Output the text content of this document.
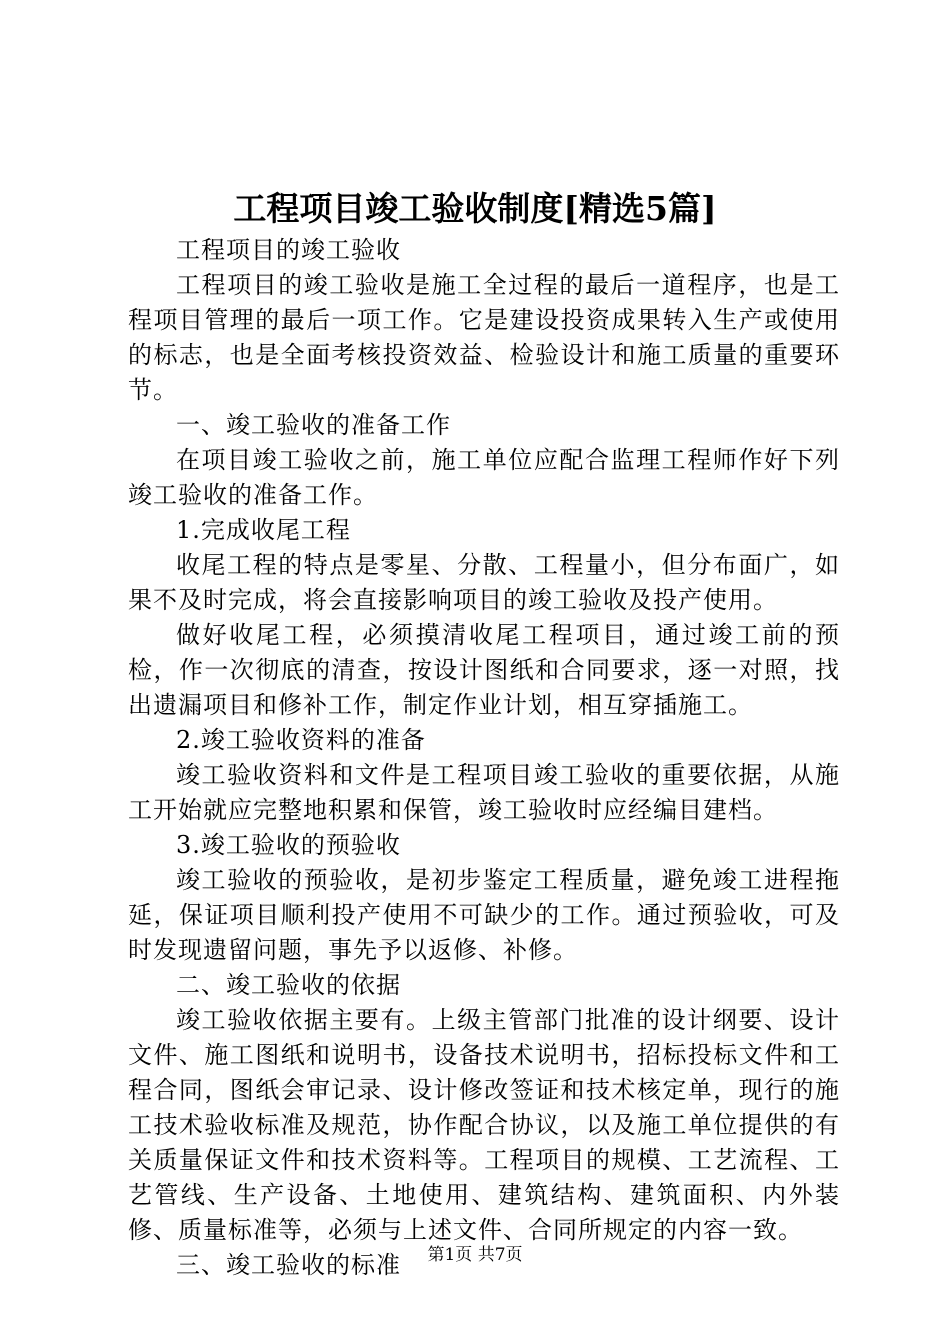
工程项目竣工验收制度[精选5篇]

工程项目的竣工验收

工程项目的竣工验收是施工全过程的最后一道程序，也是工程项目管理的最后一项工作。它是建设投资成果转入生产或使用的标志，也是全面考核投资效益、检验设计和施工质量的重要环节。

一、竣工验收的准备工作

在项目竣工验收之前，施工单位应配合监理工程师作好下列竣工验收的准备工作。

1.完成收尾工程

收尾工程的特点是零星、分散、工程量小，但分布面广，如果不及时完成，将会直接影响项目的竣工验收及投产使用。

做好收尾工程，必须摸清收尾工程项目，通过竣工前的预检，作一次彻底的清查，按设计图纸和合同要求，逐一对照，找出遗漏项目和修补工作，制定作业计划，相互穿插施工。

2.竣工验收资料的准备

竣工验收资料和文件是工程项目竣工验收的重要依据，从施工开始就应完整地积累和保管，竣工验收时应经编目建档。

3.竣工验收的预验收

竣工验收的预验收，是初步鉴定工程质量，避免竣工进程拖延，保证项目顺利投产使用不可缺少的工作。通过预验收，可及时发现遗留问题，事先予以返修、补修。

二、竣工验收的依据

竣工验收依据主要有。上级主管部门批准的设计纲要、设计文件、施工图纸和说明书，设备技术说明书，招标投标文件和工程合同，图纸会审记录、设计修改签证和技术核定单，现行的施工技术验收标准及规范，协作配合协议，以及施工单位提供的有关质量保证文件和技术资料等。工程项目的规模、工艺流程、工艺管线、生产设备、土地使用、建筑结构、建筑面积、内外装修、质量标准等，必须与上述文件、合同所规定的内容一致。

三、竣工验收的标准	第1页 共7页
